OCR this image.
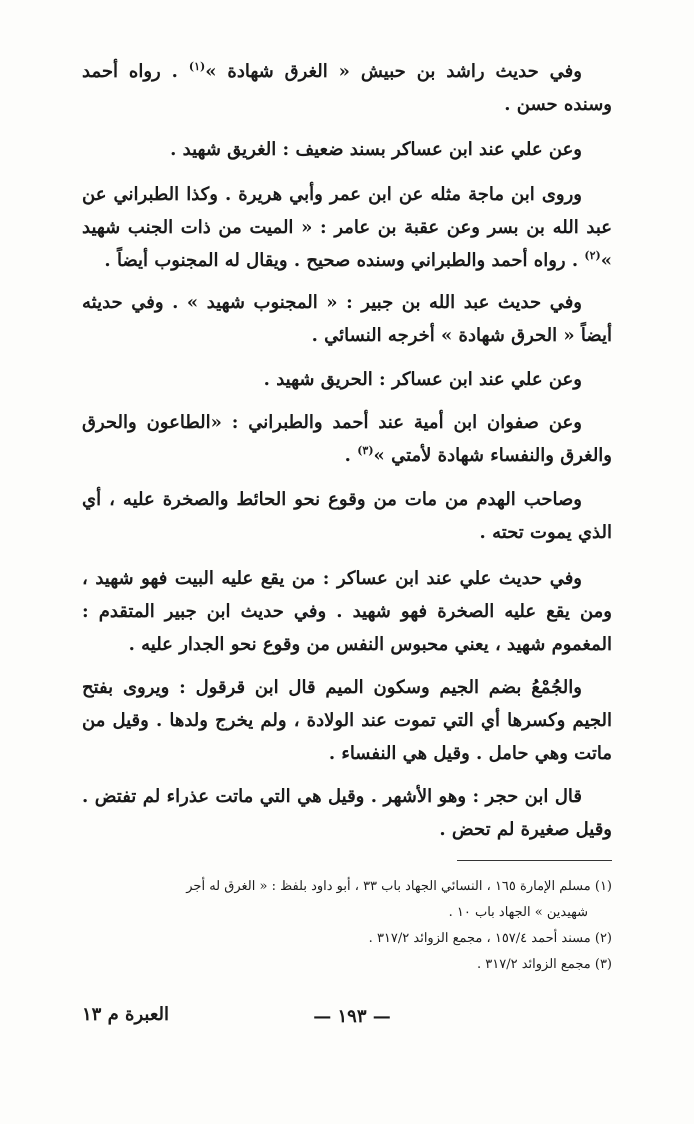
وفي حديث راشد بن حبيش « الغرق شهادة »$^{(١)}$ . رواه أحمد وسنده حسن .
وعن علي عند ابن عساكر بسند ضعيف : الغريق شهيد .
وروى ابن ماجة مثله عن ابن عمر وأبي هريرة . وكذا الطبراني عن عبد الله بن بسر وعن عقبة بن عامر : « الميت من ذات الجنب شهيد »$^{(٢)}$ . رواه أحمد والطبراني وسنده صحيح . ويقال له المجنوب أيضاً .
وفي حديث عبد الله بن جبير : « المجنوب شهيد » . وفي حديثه أيضاً « الحرق شهادة » أخرجه النسائي .
وعن علي عند ابن عساكر : الحريق شهيد .
وعن صفوان ابن أمية عند أحمد والطبراني : «الطاعون والحرق والغرق والنفساء شهادة لأمتي »$^{(٣)}$ .
وصاحب الهدم من مات من وقوع نحو الحائط والصخرة عليه ، أي الذي يموت تحته .
وفي حديث علي عند ابن عساكر : من يقع عليه البيت فهو شهيد ، ومن يقع عليه الصخرة فهو شهيد . وفي حديث ابن جبير المتقدم : المغموم شهيد ، يعني محبوس النفس من وقوع نحو الجدار عليه .
والجُمْعُ بضم الجيم وسكون الميم قال ابن قرقول : ويروى بفتح الجيم وكسرها أي التي تموت عند الولادة ، ولم يخرج ولدها . وقيل من ماتت وهي حامل . وقيل هي النفساء .
قال ابن حجر : وهو الأشهر . وقيل هي التي ماتت عذراء لم تفتض . وقيل صغيرة لم تحض .
(١) مسلم الإمارة ١٦٥ ، النسائي الجهاد باب ٣٣ ، أبو داود بلفظ : « الغرق له أجر
شهيدين » الجهاد باب ١٠ .
(٢) مسند أحمد ١٥٧/٤ ، مجمع الزوائد ٣١٧/٢ .
(٣) مجمع الزوائد ٣١٧/٢ .
— ١٩٣ —
العبرة م ١٣
